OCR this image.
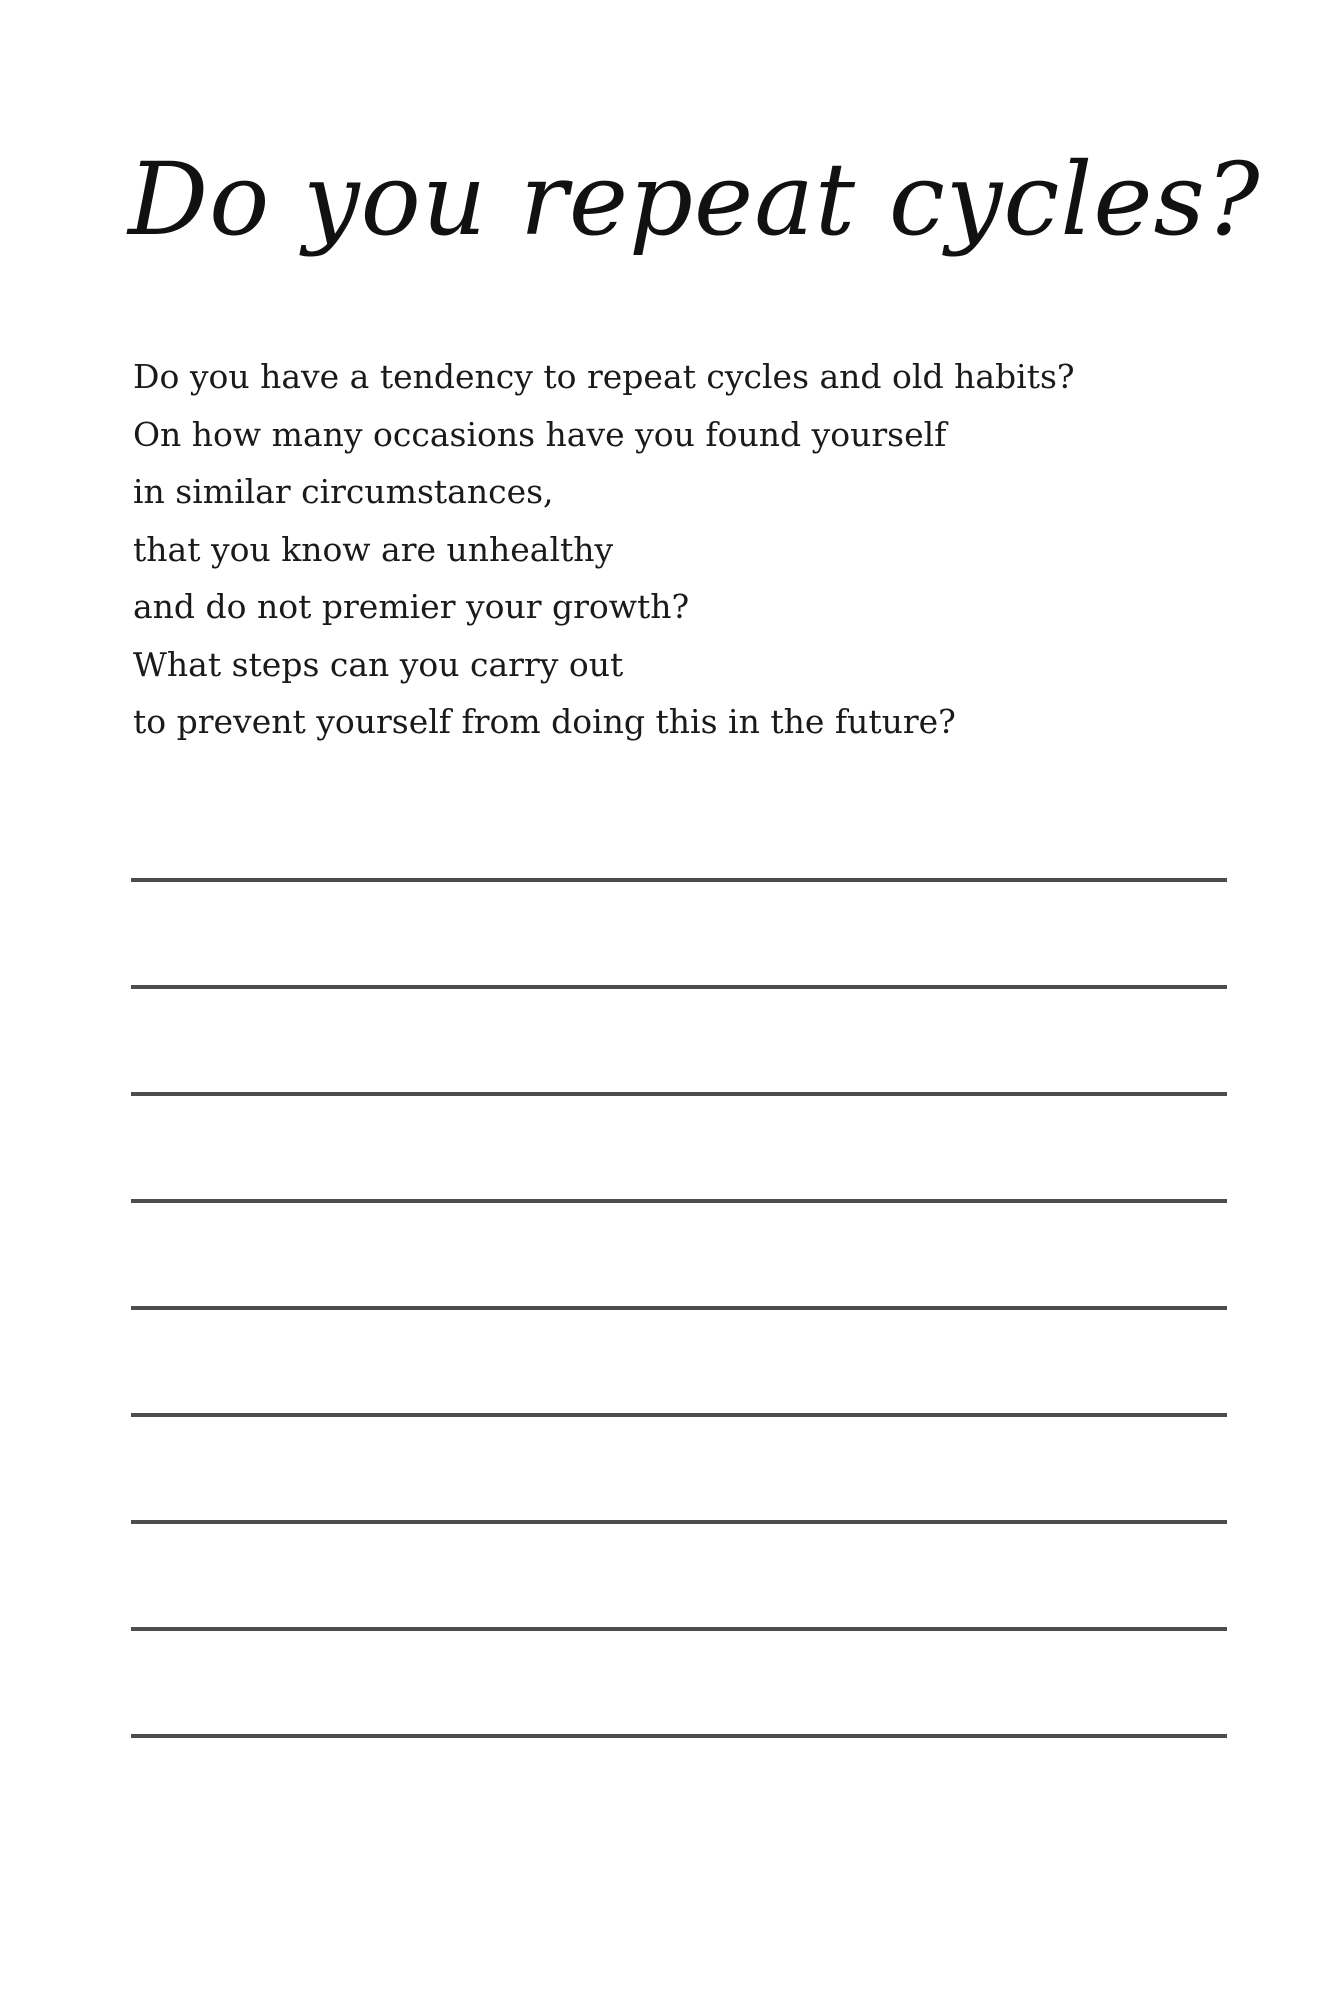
Do you repeat cycles?
Do you have a tendency to repeat cycles and old habits?
On how many occasions have you found yourself
in similar circumstances,
that you know are unhealthy
and do not premier your growth?
What steps can you carry out
to prevent yourself from doing this in the future?
